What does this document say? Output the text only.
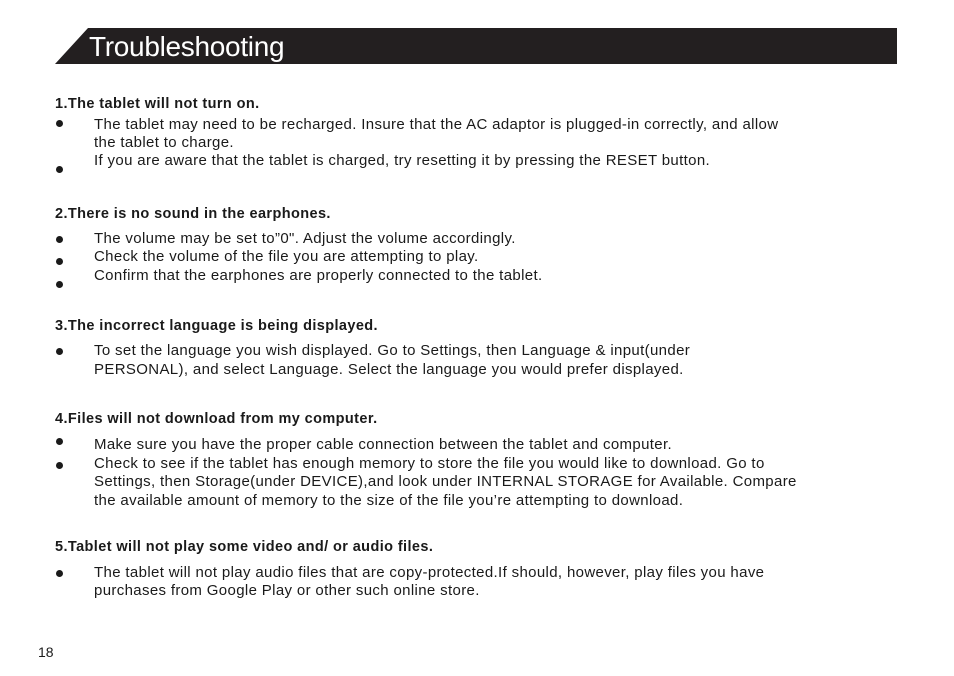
Troubleshooting
1.The tablet will not turn on.
The tablet may need to be recharged. Insure that the AC adaptor is plugged-in correctly, and allow
the tablet to charge.
If you are aware that the tablet is charged, try resetting it by pressing the RESET button.
2.There is no sound in the earphones.
The volume may be set to”0". Adjust the volume accordingly.
Check the volume of the file you are attempting to play.
Confirm that the earphones are properly connected to the tablet.
3.The incorrect language is being displayed.
To set the language you wish displayed. Go to Settings, then Language & input(under
PERSONAL), and select Language. Select the language you would prefer displayed.
4.Files will not download from my computer.
Make sure you have the proper cable connection between the tablet and computer.
Check to see if the tablet has enough memory to store the file you would like to download. Go to
Settings, then Storage(under DEVICE),and look under INTERNAL STORAGE for Available. Compare
the available amount of memory to the size of the file you’re attempting to download.
5.Tablet will not play some video and/ or audio files.
The tablet will not play audio files that are copy-protected.If should, however, play files you have
purchases from Google Play or other such online store.
18
